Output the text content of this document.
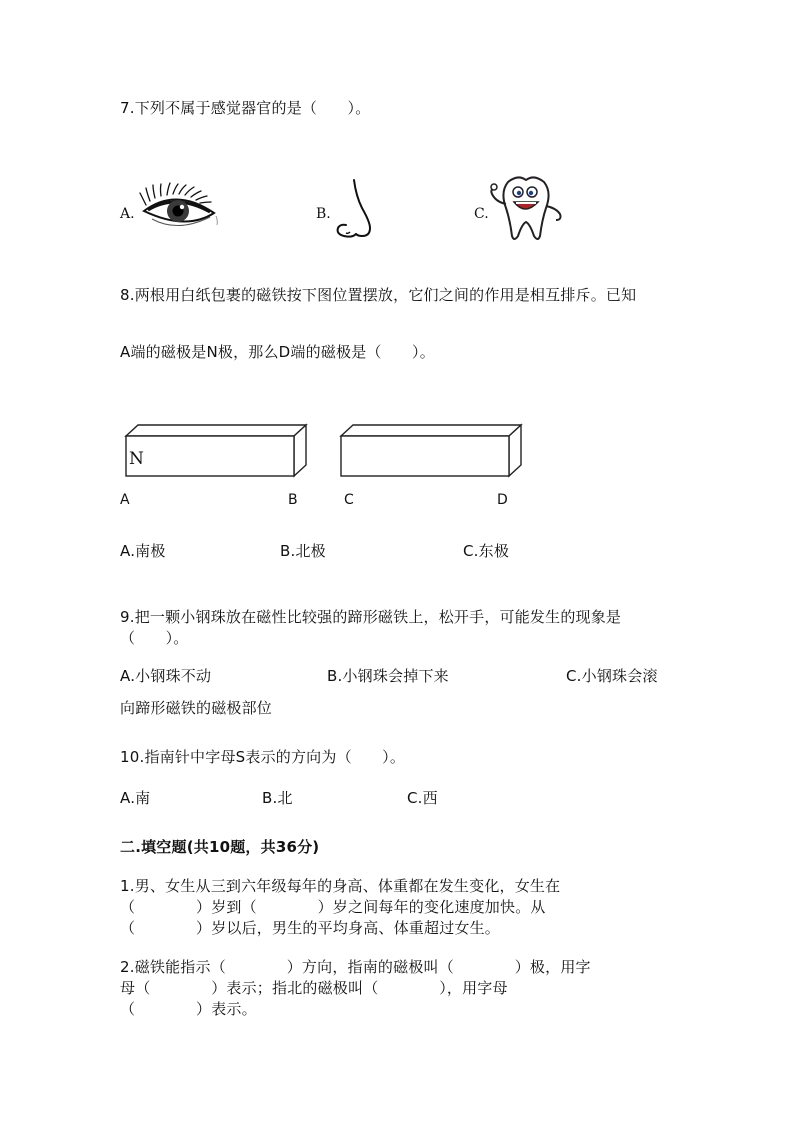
7.下列不属于感觉器官的是（　　）。
A.	B.	C.
8.两根用白纸包裹的磁铁按下图位置摆放，它们之间的作用是相互排斥。已知
A端的磁极是N极，那么D端的磁极是（　　）。
N
A	B	C	D
A.南极	B.北极	C.东极
9.把一颗小钢珠放在磁性比较强的蹄形磁铁上，松开手，可能发生的现象是
（　　）。
A.小钢珠不动	B.小钢珠会掉下来	C.小钢珠会滚
向蹄形磁铁的磁极部位
10.指南针中字母S表示的方向为（　　）。
A.南	B.北	C.西
二.填空题(共10题，共36分)
1.男、女生从三到六年级每年的身高、体重都在发生变化，女生在
（　　　　）岁到（　　　　）岁之间每年的变化速度加快。从
（　　　　）岁以后，男生的平均身高、体重超过女生。
2.磁铁能指示（　　　　）方向，指南的磁极叫（　　　　）极，用字
母（　　　　）表示；指北的磁极叫（　　　　），用字母
（　　　　）表示。
